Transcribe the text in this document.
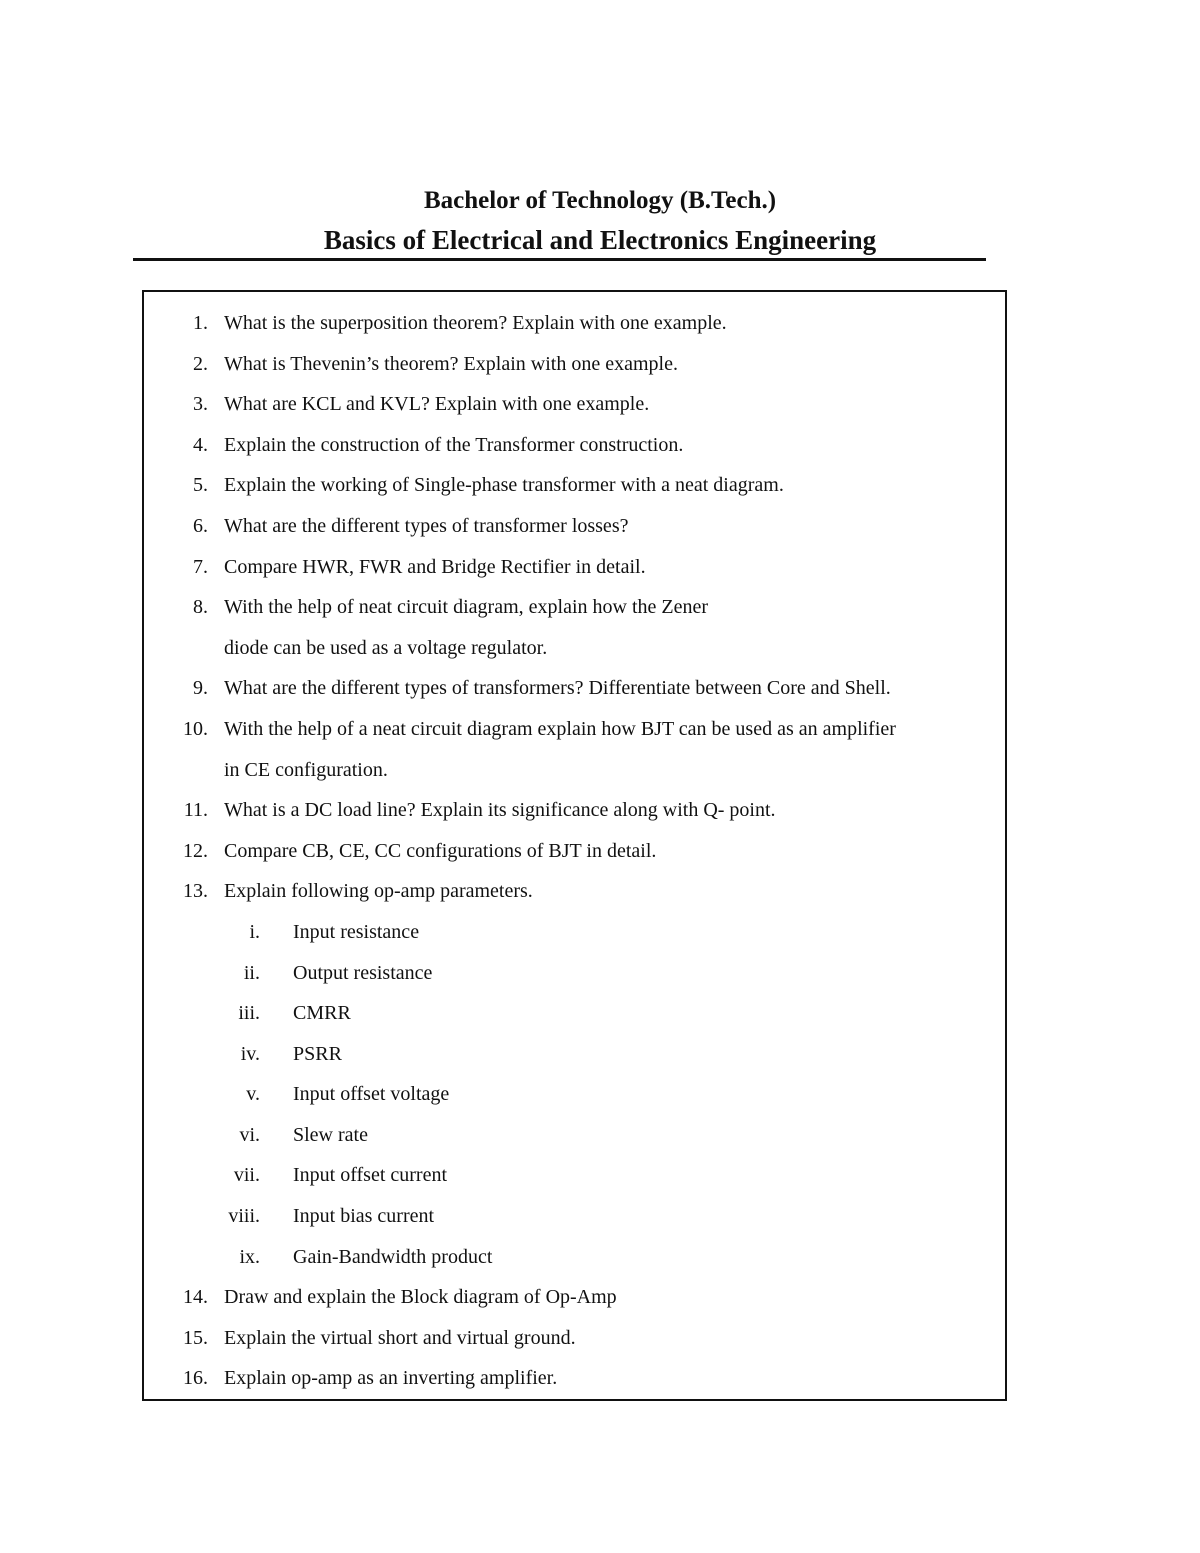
Bachelor of Technology (B.Tech.)
Basics of Electrical and Electronics Engineering
1. What is the superposition theorem? Explain with one example.
2. What is Thevenin’s theorem? Explain with one example.
3. What are KCL and KVL? Explain with one example.
4. Explain the construction of the Transformer construction.
5. Explain the working of Single-phase transformer with a neat diagram.
6. What are the different types of transformer losses?
7. Compare HWR, FWR and Bridge Rectifier in detail.
8. With the help of neat circuit diagram, explain how the Zener
diode can be used as a voltage regulator.
9. What are the different types of transformers? Differentiate between Core and Shell.
10. With the help of a neat circuit diagram explain how BJT can be used as an amplifier
in CE configuration.
11. What is a DC load line? Explain its significance along with Q- point.
12. Compare CB, CE, CC configurations of BJT in detail.
13. Explain following op-amp parameters.
i. Input resistance
ii. Output resistance
iii. CMRR
iv. PSRR
v. Input offset voltage
vi. Slew rate
vii. Input offset current
viii. Input bias current
ix. Gain-Bandwidth product
14. Draw and explain the Block diagram of Op-Amp
15. Explain the virtual short and virtual ground.
16. Explain op-amp as an inverting amplifier.
